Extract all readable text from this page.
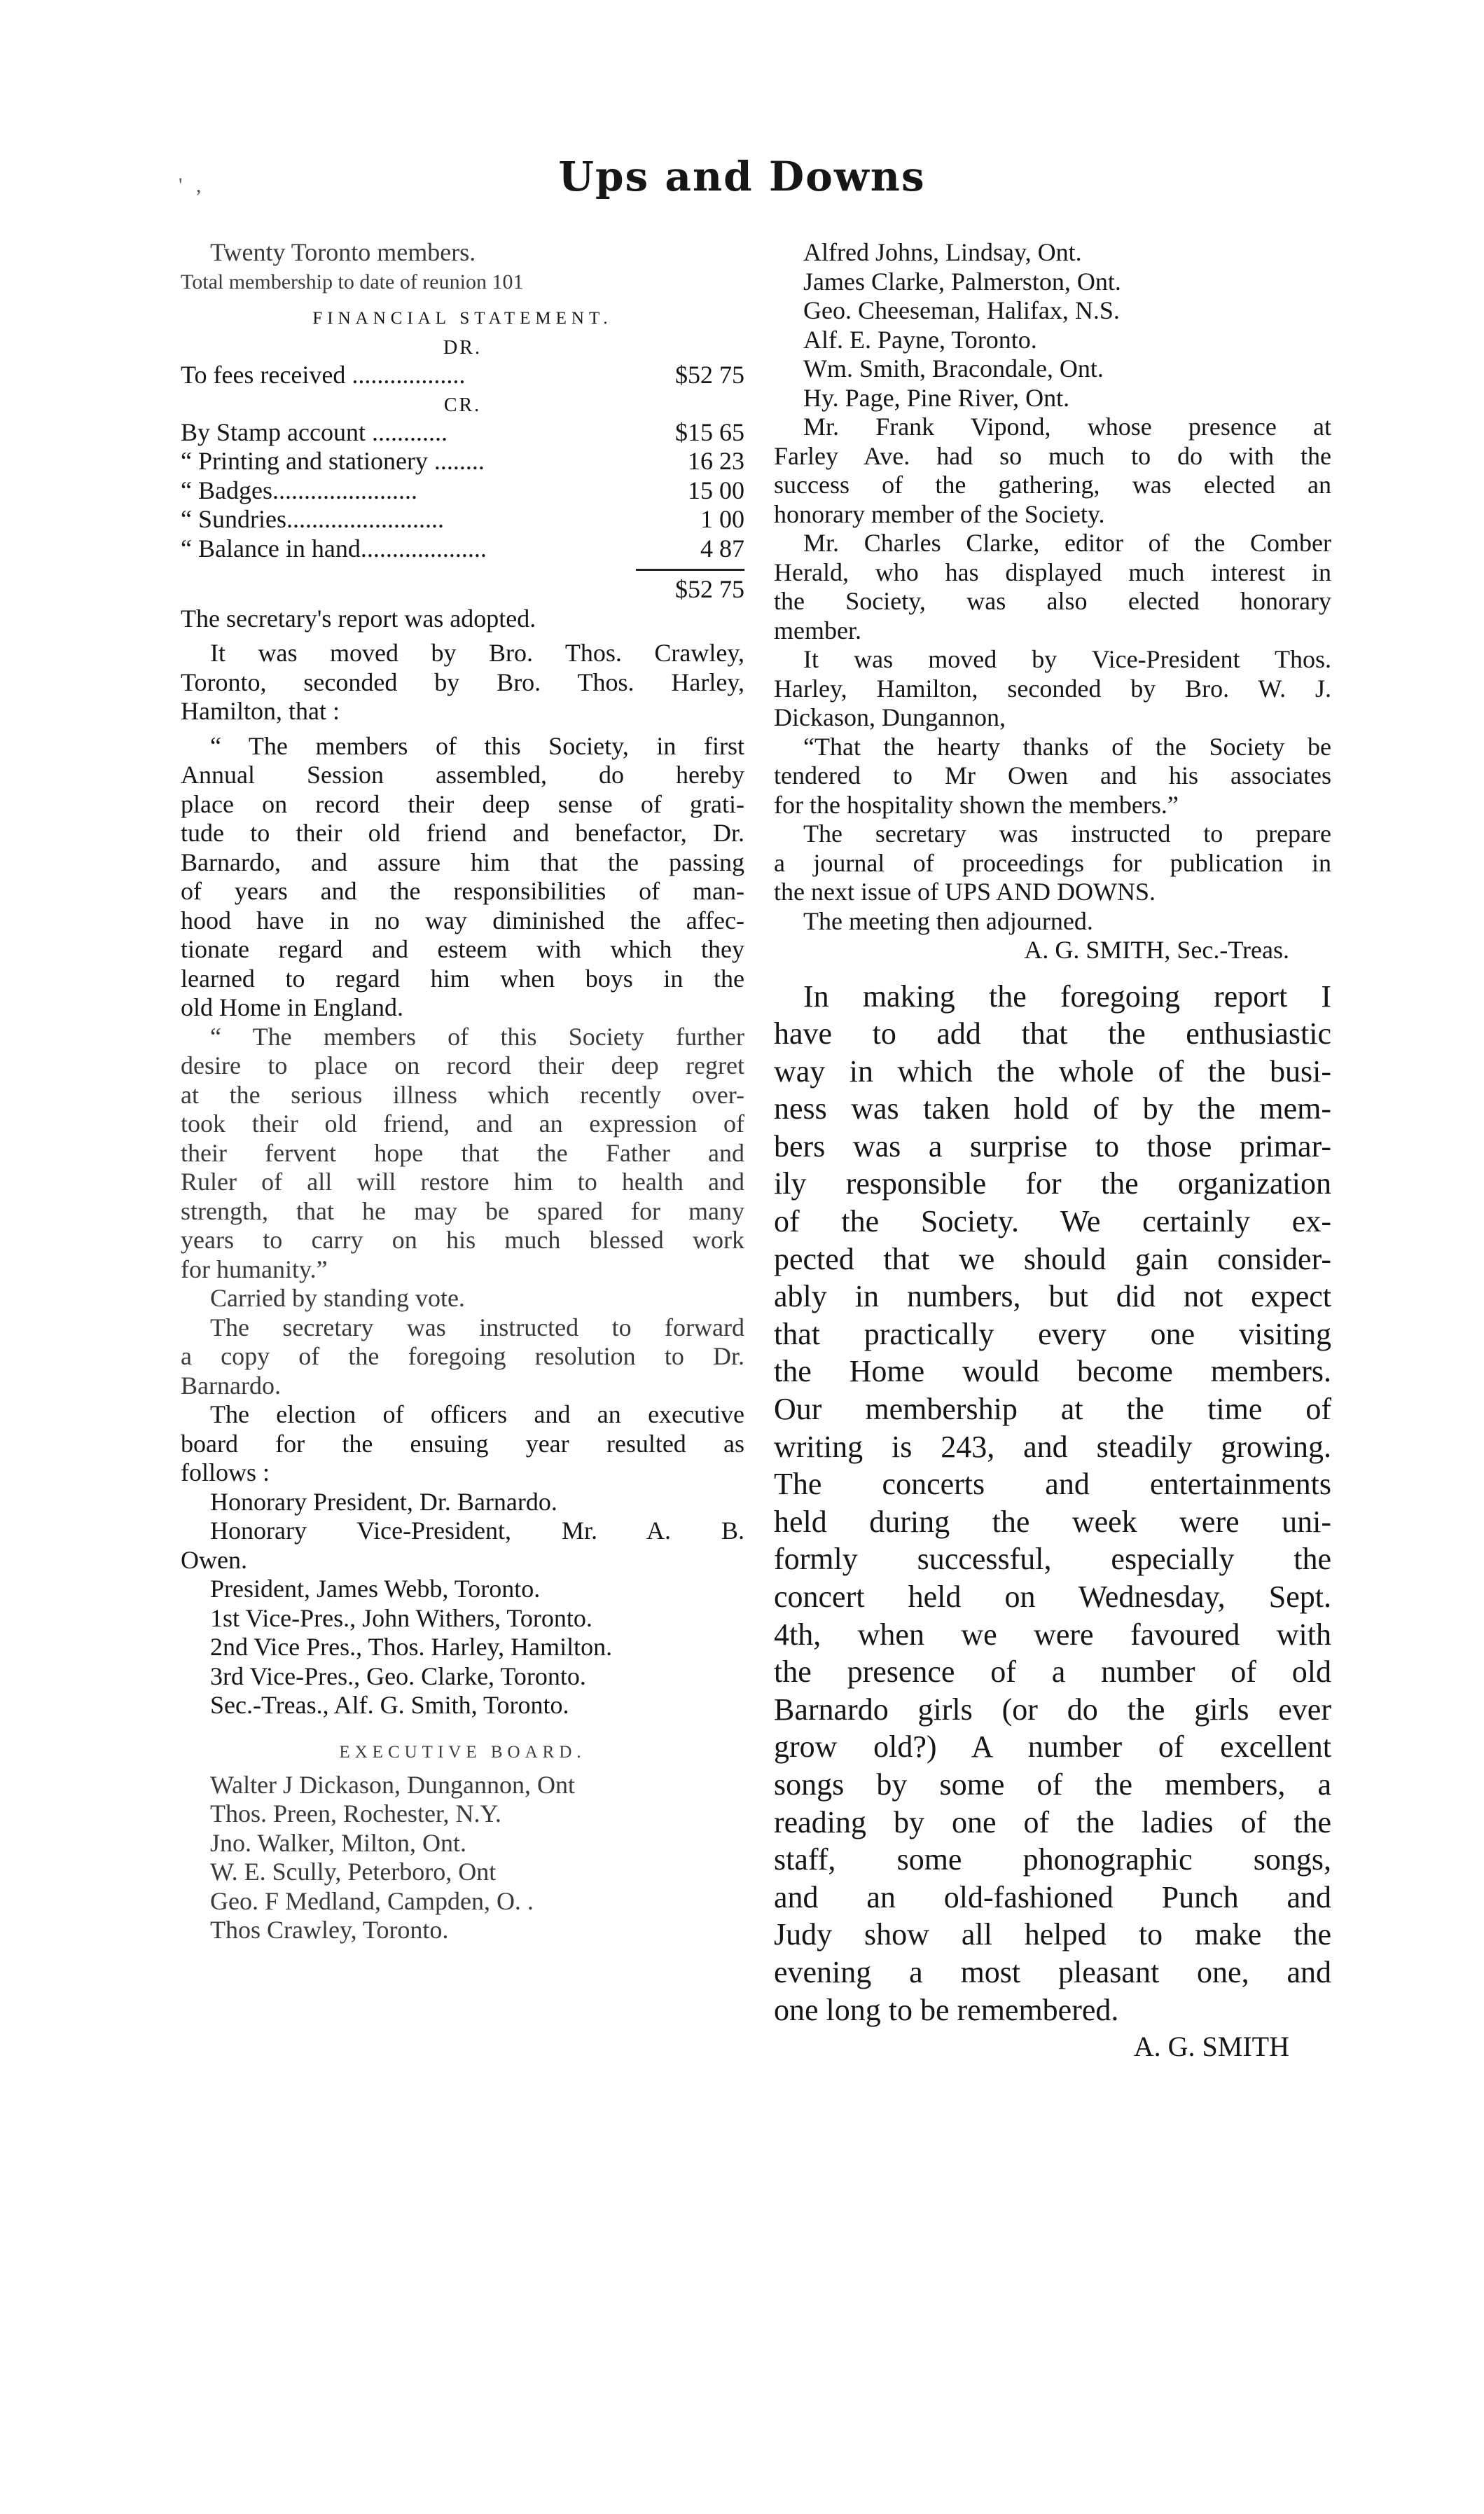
' ,	Ups and Downs
Twenty Toronto members.
Total membership to date of reunion 101
FINANCIAL STATEMENT.
DR.
To fees received ..................	$52 75
CR.
By Stamp account ............	$15 65
“ Printing and stationery ........	16 23
“ Badges.......................	15 00
“ Sundries.........................	1 00
“ Balance in hand....................	4 87
$52 75
The secretary's report was adopted.
It was moved by Bro. Thos. Crawley,
Toronto, seconded by Bro. Thos. Harley,
Hamilton, that :
“ The members of this Society, in first
Annual Session assembled, do hereby
place on record their deep sense of grati-
tude to their old friend and benefactor, Dr.
Barnardo, and assure him that the passing
of years and the responsibilities of man-
hood have in no way diminished the affec-
tionate regard and esteem with which they
learned to regard him when boys in the
old Home in England.
“ The members of this Society further
desire to place on record their deep regret
at the serious illness which recently over-
took their old friend, and an expression of
their fervent hope that the Father and
Ruler of all will restore him to health and
strength, that he may be spared for many
years to carry on his much blessed work
for humanity.”
Carried by standing vote.
The secretary was instructed to forward
a copy of the foregoing resolution to Dr.
Barnardo.
The election of officers and an executive
board for the ensuing year resulted as
follows :
Honorary President, Dr. Barnardo.
Honorary Vice-President, Mr. A. B.
Owen.
President, James Webb, Toronto.
1st Vice-Pres., John Withers, Toronto.
2nd Vice Pres., Thos. Harley, Hamilton.
3rd Vice-Pres., Geo. Clarke, Toronto.
Sec.-Treas., Alf. G. Smith, Toronto.
EXECUTIVE BOARD.
Walter J Dickason, Dungannon, Ont
Thos. Preen, Rochester, N.Y.
Jno. Walker, Milton, Ont.
W. E. Scully, Peterboro, Ont
Geo. F Medland, Campden, O. .
Thos Crawley, Toronto.
Alfred Johns, Lindsay, Ont.
James Clarke, Palmerston, Ont.
Geo. Cheeseman, Halifax, N.S.
Alf. E. Payne, Toronto.
Wm. Smith, Bracondale, Ont.
Hy. Page, Pine River, Ont.
Mr. Frank Vipond, whose presence at
Farley Ave. had so much to do with the
success of the gathering, was elected an
honorary member of the Society.
Mr. Charles Clarke, editor of the Comber
Herald, who has displayed much interest in
the Society, was also elected honorary
member.
It was moved by Vice-President Thos.
Harley, Hamilton, seconded by Bro. W. J.
Dickason, Dungannon,
“That the hearty thanks of the Society be
tendered to Mr Owen and his associates
for the hospitality shown the members.”
The secretary was instructed to prepare
a journal of proceedings for publication in
the next issue of UPS AND DOWNS.
The meeting then adjourned.
A. G. SMITH, Sec.-Treas.
In making the foregoing report I
have to add that the enthusiastic
way in which the whole of the busi-
ness was taken hold of by the mem-
bers was a surprise to those primar-
ily responsible for the organization
of the Society. We certainly ex-
pected that we should gain consider-
ably in numbers, but did not expect
that practically every one visiting
the Home would become members.
Our membership at the time of
writing is 243, and steadily growing.
The concerts and entertainments
held during the week were uni-
formly successful, especially the
concert held on Wednesday, Sept.
4th, when we were favoured with
the presence of a number of old
Barnardo girls (or do the girls ever
grow old?) A number of excellent
songs by some of the members, a
reading by one of the ladies of the
staff, some phonographic songs,
and an old-fashioned Punch and
Judy show all helped to make the
evening a most pleasant one, and
one long to be remembered.
A. G. SMITH
